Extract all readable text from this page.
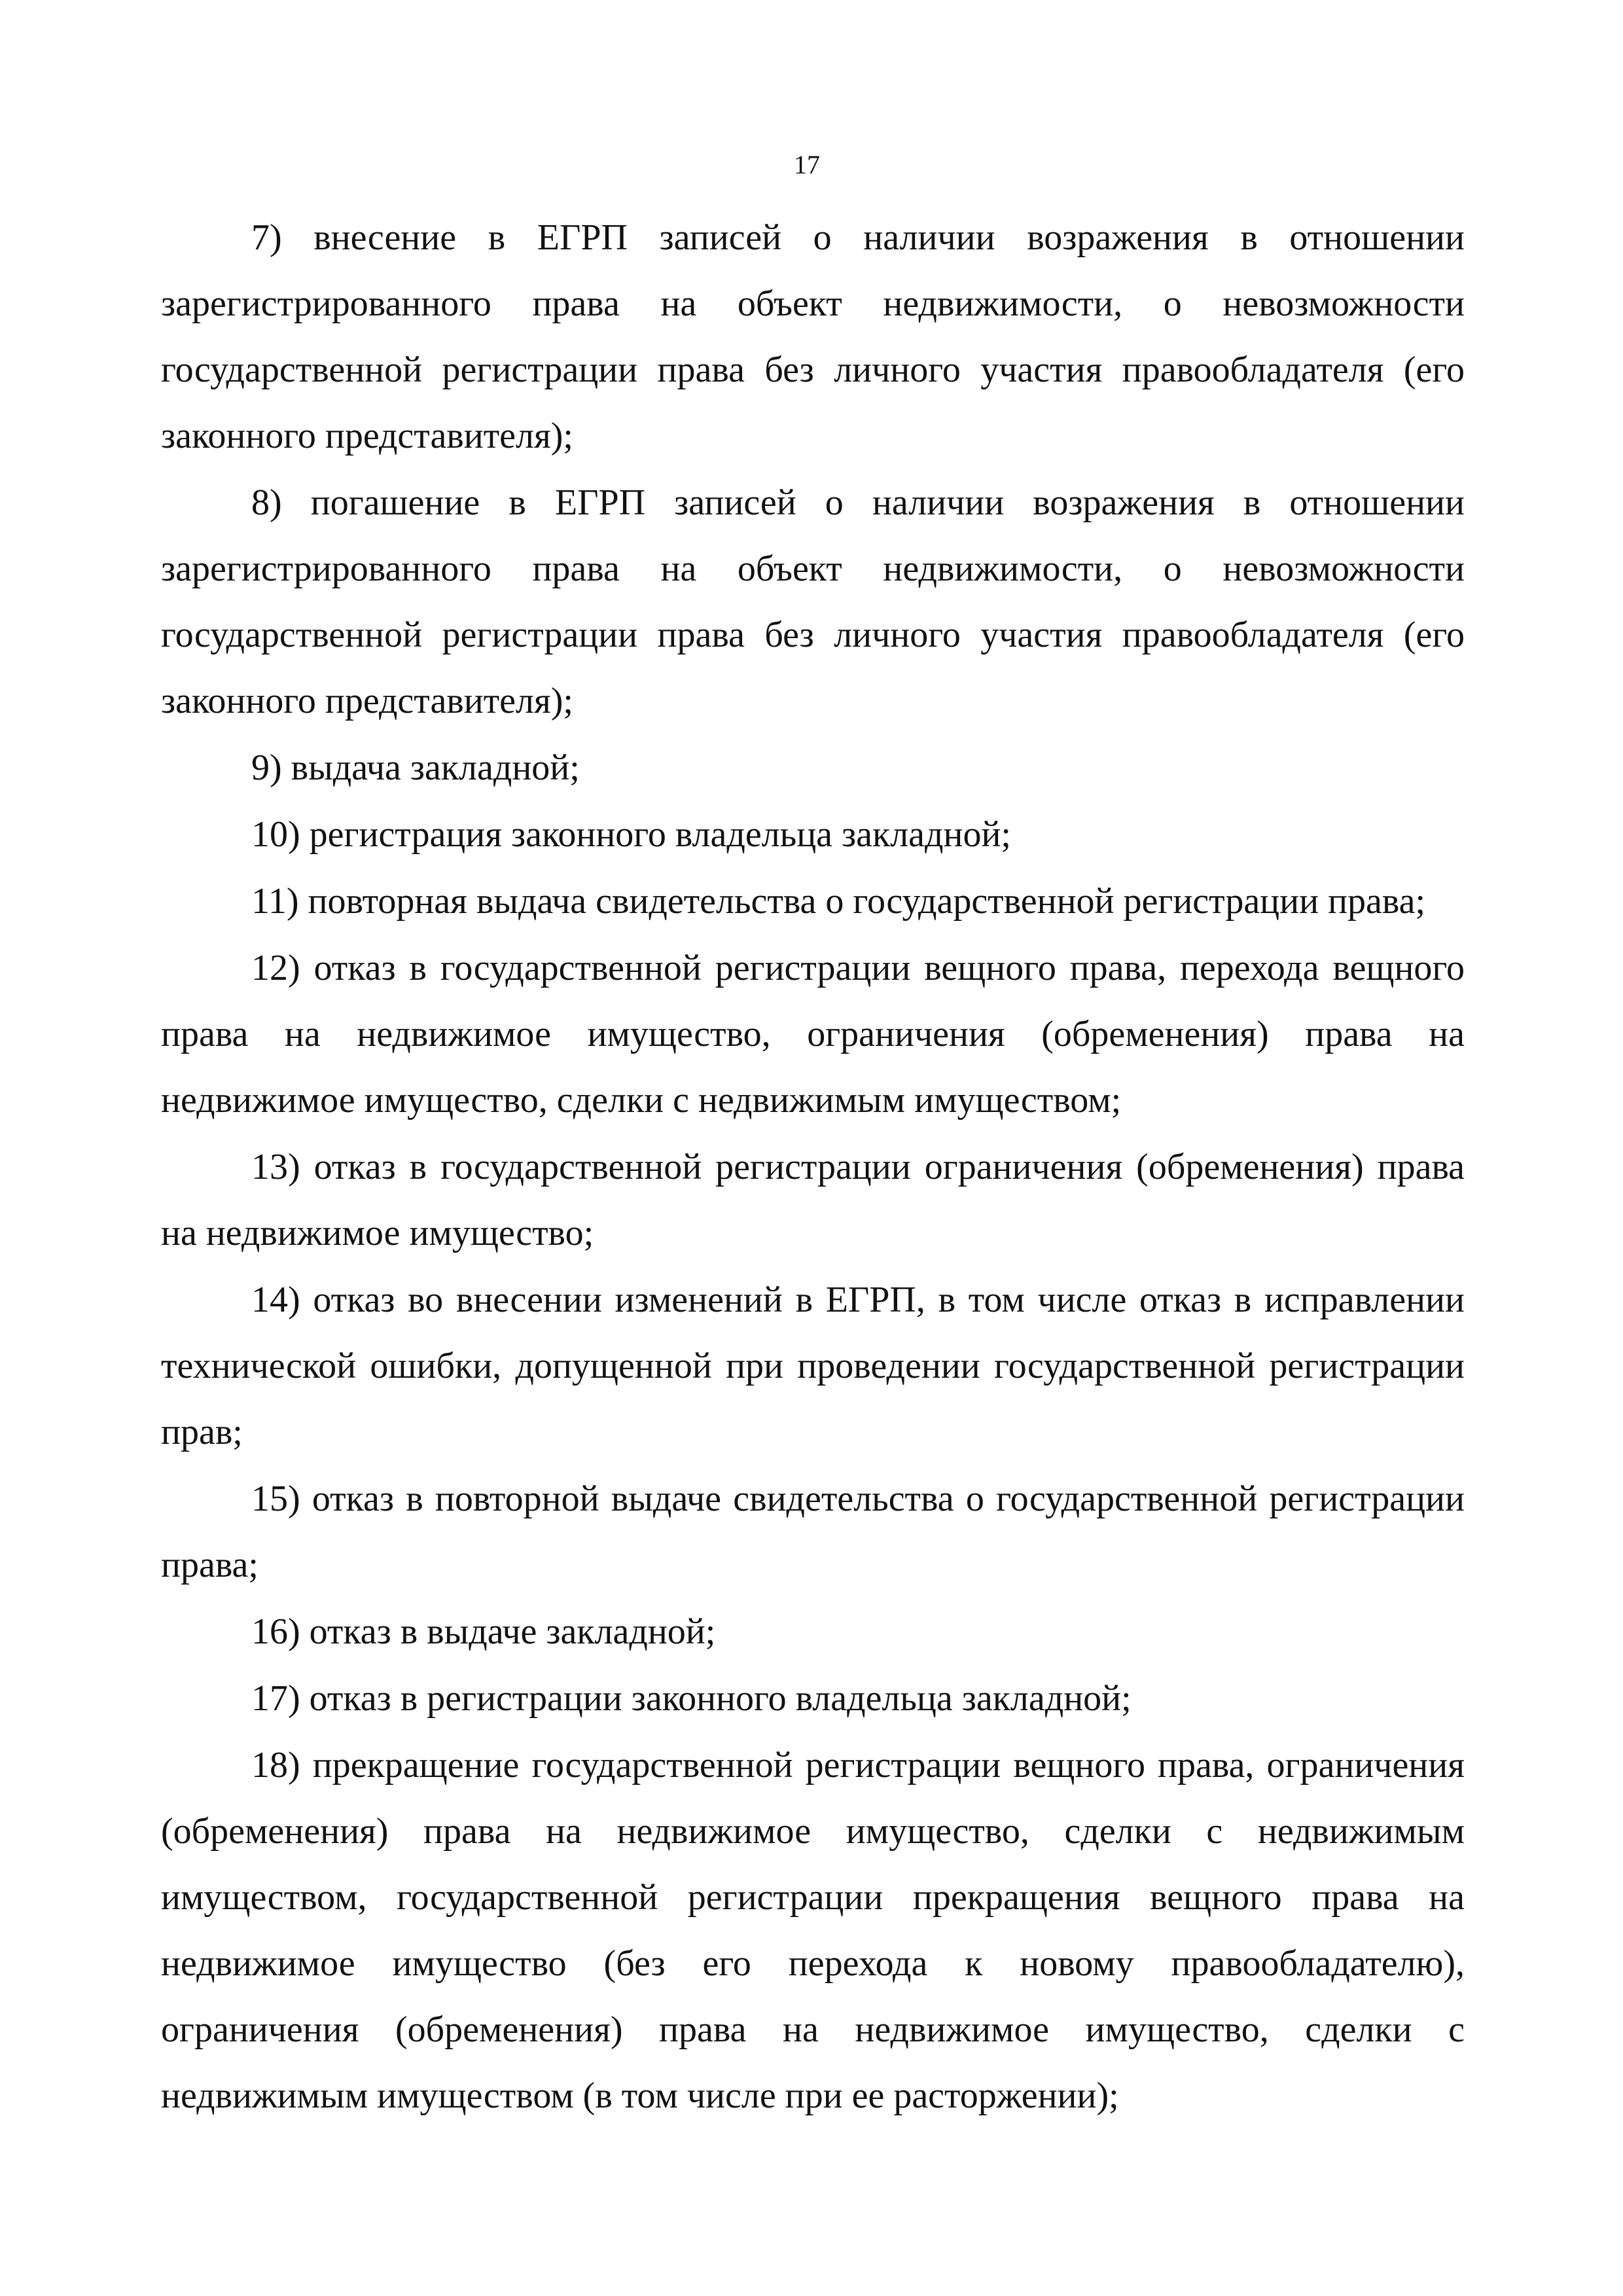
17

7) внесение в ЕГРП записей о наличии возражения в отношении зарегистрированного права на объект недвижимости, о невозможности государственной регистрации права без личного участия правообладателя (его законного представителя);

8) погашение в ЕГРП записей о наличии возражения в отношении зарегистрированного права на объект недвижимости, о невозможности государственной регистрации права без личного участия правообладателя (его законного представителя);

9) выдача закладной;

10) регистрация законного владельца закладной;

11) повторная выдача свидетельства о государственной регистрации права;

12) отказ в государственной регистрации вещного права, перехода вещного права на недвижимое имущество, ограничения (обременения) права на недвижимое имущество, сделки с недвижимым имуществом;

13) отказ в государственной регистрации ограничения (обременения) права на недвижимое имущество;

14) отказ во внесении изменений в ЕГРП, в том числе отказ в исправлении технической ошибки, допущенной при проведении государственной регистрации прав;

15) отказ в повторной выдаче свидетельства о государственной регистрации права;

16) отказ в выдаче закладной;

17) отказ в регистрации законного владельца закладной;

18) прекращение государственной регистрации вещного права, ограничения (обременения) права на недвижимое имущество, сделки с недвижимым имуществом, государственной регистрации прекращения вещного права на недвижимое имущество (без его перехода к новому правообладателю), ограничения (обременения) права на недвижимое имущество, сделки с недвижимым имуществом (в том числе при ее расторжении);
